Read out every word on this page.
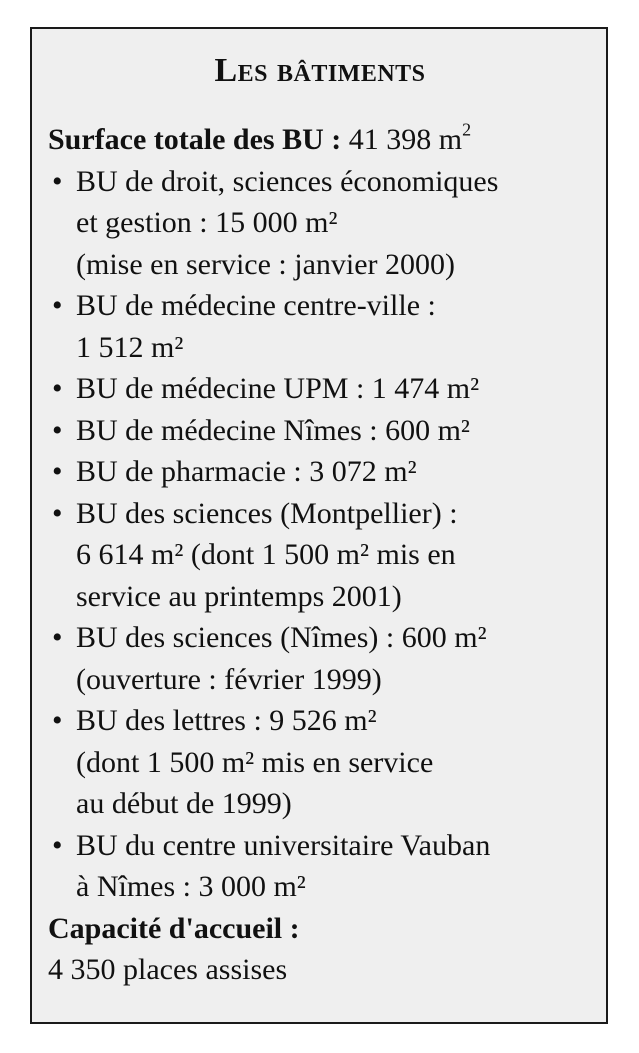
Les bâtiments
Surface totale des BU : 41 398 $m^2$
• BU de droit, sciences économiques
et gestion : 15 000 m²
(mise en service : janvier 2000)
• BU de médecine centre-ville :
1 512 m²
• BU de médecine UPM : 1 474 m²
• BU de médecine Nîmes : 600 m²
• BU de pharmacie : 3 072 m²
• BU des sciences (Montpellier) :
6 614 m² (dont 1 500 m² mis en
service au printemps 2001)
• BU des sciences (Nîmes) : 600 m²
(ouverture : février 1999)
• BU des lettres : 9 526 m²
(dont 1 500 m² mis en service
au début de 1999)
• BU du centre universitaire Vauban
à Nîmes : 3 000 m²
Capacité d'accueil :
4 350 places assises
